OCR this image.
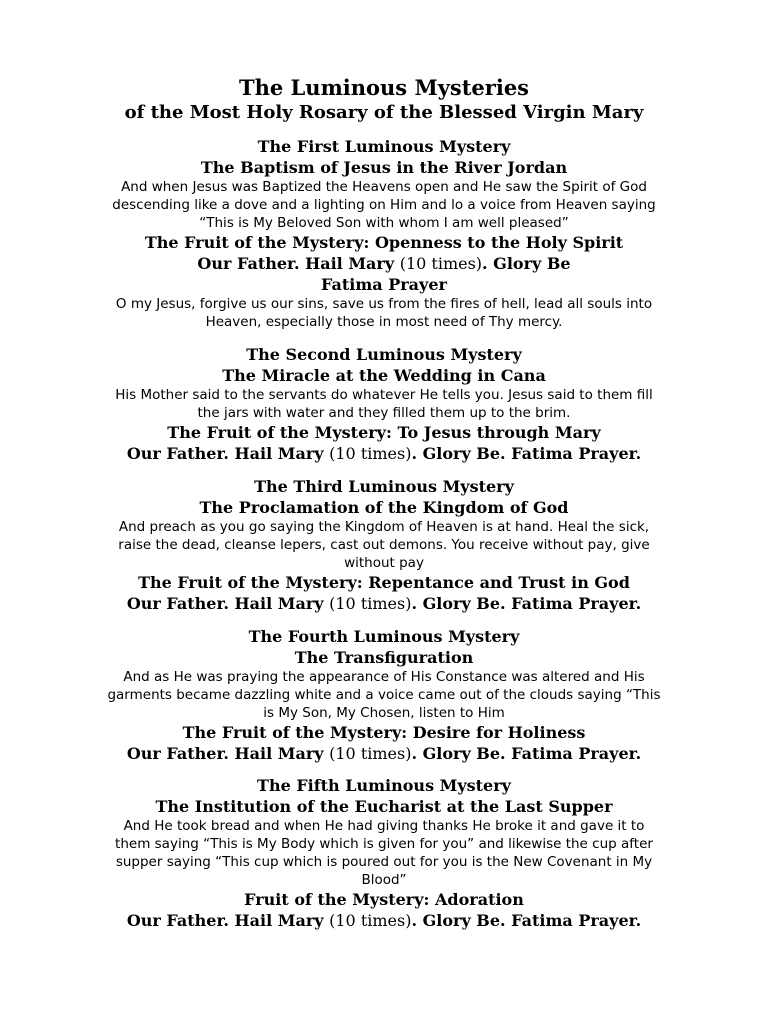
The Luminous Mysteries
of the Most Holy Rosary of the Blessed Virgin Mary
The First Luminous Mystery
The Baptism of Jesus in the River Jordan
And when Jesus was Baptized the Heavens open and He saw the Spirit of God
descending like a dove and a lighting on Him and lo a voice from Heaven saying
“This is My Beloved Son with whom I am well pleased”
The Fruit of the Mystery: Openness to the Holy Spirit
Our Father. Hail Mary (10 times). Glory Be
Fatima Prayer
O my Jesus, forgive us our sins, save us from the fires of hell, lead all souls into
Heaven, especially those in most need of Thy mercy.
The Second Luminous Mystery
The Miracle at the Wedding in Cana
His Mother said to the servants do whatever He tells you. Jesus said to them fill
the jars with water and they filled them up to the brim.
The Fruit of the Mystery: To Jesus through Mary
Our Father. Hail Mary (10 times). Glory Be. Fatima Prayer.
The Third Luminous Mystery
The Proclamation of the Kingdom of God
And preach as you go saying the Kingdom of Heaven is at hand. Heal the sick,
raise the dead, cleanse lepers, cast out demons. You receive without pay, give
without pay
The Fruit of the Mystery: Repentance and Trust in God
Our Father. Hail Mary (10 times). Glory Be. Fatima Prayer.
The Fourth Luminous Mystery
The Transfiguration
And as He was praying the appearance of His Constance was altered and His
garments became dazzling white and a voice came out of the clouds saying “This
is My Son, My Chosen, listen to Him
The Fruit of the Mystery: Desire for Holiness
Our Father. Hail Mary (10 times). Glory Be. Fatima Prayer.
The Fifth Luminous Mystery
The Institution of the Eucharist at the Last Supper
And He took bread and when He had giving thanks He broke it and gave it to
them saying “This is My Body which is given for you” and likewise the cup after
supper saying “This cup which is poured out for you is the New Covenant in My
Blood”
Fruit of the Mystery: Adoration
Our Father. Hail Mary (10 times). Glory Be. Fatima Prayer.
